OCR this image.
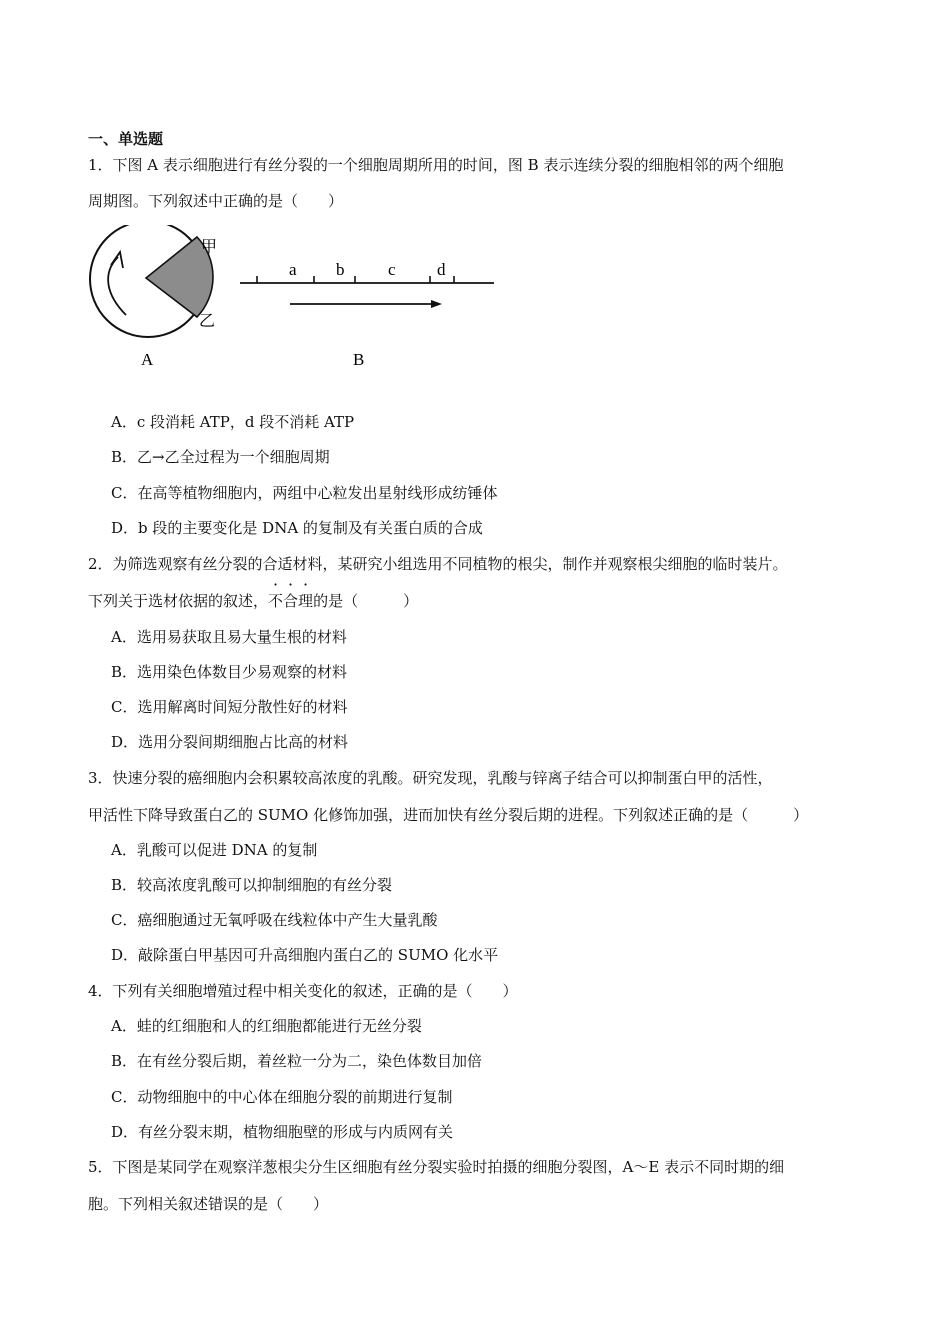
一、单选题
1．下图 A 表示细胞进行有丝分裂的一个细胞周期所用的时间，图 B 表示连续分裂的细胞相邻的两个细胞
周期图。下列叙述中正确的是（　　）
甲
乙
A
a b	c d
B
A．c 段消耗 ATP，d 段不消耗 ATP
B．乙→乙全过程为一个细胞周期
C．在高等植物细胞内，两组中心粒发出星射线形成纺锤体
D．b 段的主要变化是 DNA 的复制及有关蛋白质的合成
2．为筛选观察有丝分裂的合适材料，某研究小组选用不同植物的根尖，制作并观察根尖细胞的临时装片。
下列关于选材依据的叙述，不合理的是（　　　）
A．选用易获取且易大量生根的材料
B．选用染色体数目少易观察的材料
C．选用解离时间短分散性好的材料
D．选用分裂间期细胞占比高的材料
3．快速分裂的癌细胞内会积累较高浓度的乳酸。研究发现，乳酸与锌离子结合可以抑制蛋白甲的活性，
甲活性下降导致蛋白乙的 SUMO 化修饰加强，进而加快有丝分裂后期的进程。下列叙述正确的是（　　　）
A．乳酸可以促进 DNA 的复制
B．较高浓度乳酸可以抑制细胞的有丝分裂
C．癌细胞通过无氧呼吸在线粒体中产生大量乳酸
D．敲除蛋白甲基因可升高细胞内蛋白乙的 SUMO 化水平
4．下列有关细胞增殖过程中相关变化的叙述，正确的是（　　）
A．蛙的红细胞和人的红细胞都能进行无丝分裂
B．在有丝分裂后期，着丝粒一分为二，染色体数目加倍
C．动物细胞中的中心体在细胞分裂的前期进行复制
D．有丝分裂末期，植物细胞壁的形成与内质网有关
5．下图是某同学在观察洋葱根尖分生区细胞有丝分裂实验时拍摄的细胞分裂图，A～E 表示不同时期的细
胞。下列相关叙述错误的是（　　）
